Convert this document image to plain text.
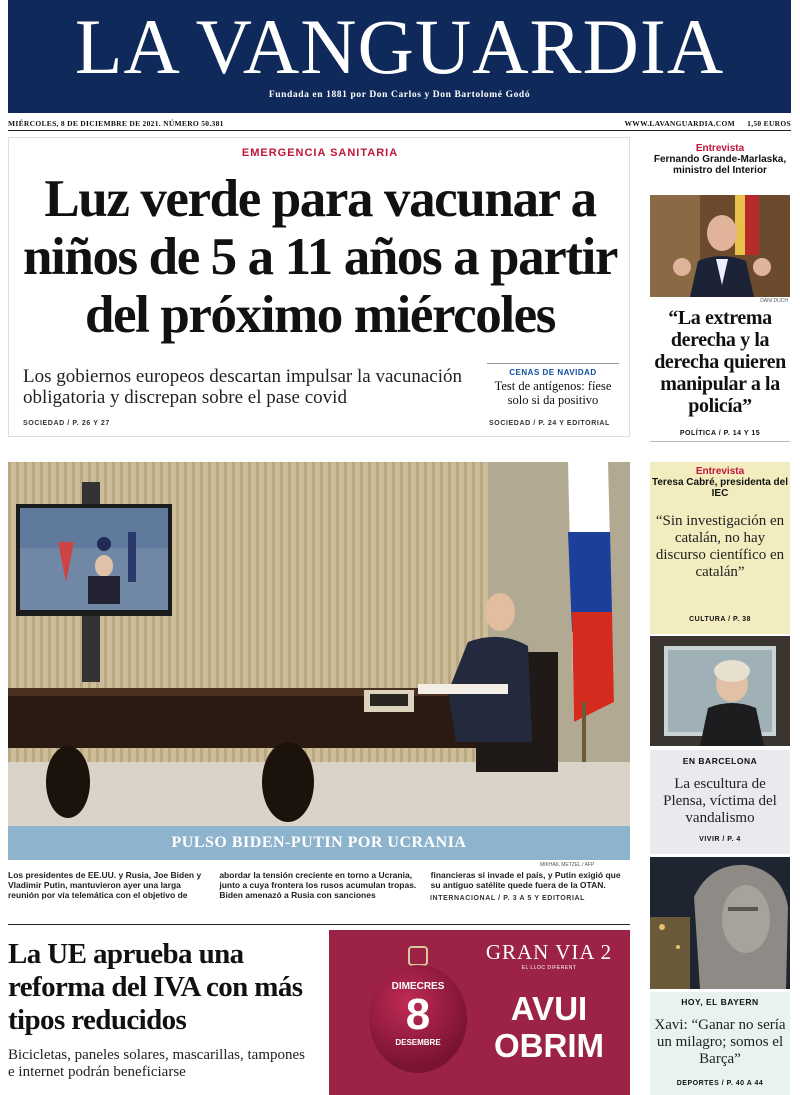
LA VANGUARDIA
Fundada en 1881 por Don Carlos y Don Bartolomé Godó
MIÉRCOLES, 8 DE DICIEMBRE DE 2021. NÚMERO 50.381	WWW.LAVANGUARDIA.COM 1,50 EUROS
EMERGENCIA SANITARIA
Luz verde para vacunar a niños de 5 a 11 años a partir del próximo miércoles
Los gobiernos europeos descartan impulsar la vacunación obligatoria y discrepan sobre el pase covid
SOCIEDAD / P. 26 Y 27
CENAS DE NAVIDAD
Test de antígenos: fíese solo si da positivo
SOCIEDAD / P. 24 Y EDITORIAL
Entrevista
Fernando Grande-Marlaska, ministro del Interior
DANI DUCH
“La extrema derecha y la derecha quieren manipular a la policía”
POLÍTICA / P. 14 Y 15
Entrevista
Teresa Cabré, presidenta del IEC
“Sin investigación en catalán, no hay discurso científico en catalán”
CULTURA / P. 38
EN BARCELONA
La escultura de Plensa, víctima del vandalismo
VIVIR / P. 4
HOY, EL BAYERN
Xavi: “Ganar no sería un milagro; somos el Barça”
DEPORTES / P. 40 A 44
PULSO BIDEN-PUTIN POR UCRANIA
MIKHAIL METZEL / AFP
Los presidentes de EE.UU. y Rusia, Joe Biden y Vladimir Putin, mantuvieron ayer una larga reunión por vía telemática con el objetivo de
abordar la tensión creciente en torno a Ucrania, junto a cuya frontera los rusos acumulan tropas. Biden amenazó a Rusia con sanciones
financieras si invade el país, y Putin exigió que su antiguo satélite quede fuera de la OTAN.
INTERNACIONAL / P. 3 A 5 Y EDITORIAL
La UE aprueba una reforma del IVA con más tipos reducidos
Bicicletas, paneles solares, mascarillas, tampones e internet podrán beneficiarse
DIMECRES
8
DESEMBRE
GRAN VIA 2
EL LLOC DIFERENT
AVUI OBRIM
